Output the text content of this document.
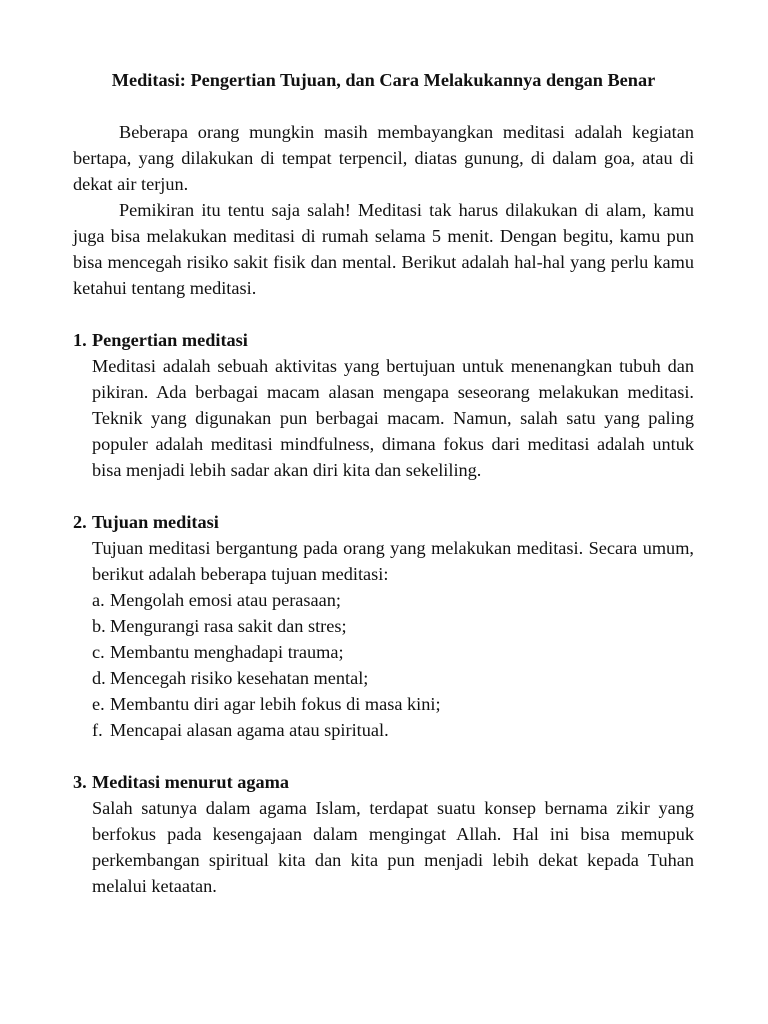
Meditasi: Pengertian Tujuan, dan Cara Melakukannya dengan Benar

Beberapa orang mungkin masih membayangkan meditasi adalah kegiatan bertapa, yang dilakukan di tempat terpencil, diatas gunung, di dalam goa, atau di dekat air terjun.

Pemikiran itu tentu saja salah! Meditasi tak harus dilakukan di alam, kamu juga bisa melakukan meditasi di rumah selama 5 menit. Dengan begitu, kamu pun bisa mencegah risiko sakit fisik dan mental. Berikut adalah hal-hal yang perlu kamu ketahui tentang meditasi.

1. Pengertian meditasi

Meditasi adalah sebuah aktivitas yang bertujuan untuk menenangkan tubuh dan pikiran. Ada berbagai macam alasan mengapa seseorang melakukan meditasi. Teknik yang digunakan pun berbagai macam. Namun, salah satu yang paling populer adalah meditasi mindfulness, dimana fokus dari meditasi adalah untuk bisa menjadi lebih sadar akan diri kita dan sekeliling.

2. Tujuan meditasi

Tujuan meditasi bergantung pada orang yang melakukan meditasi. Secara umum, berikut adalah beberapa tujuan meditasi:

a. Mengolah emosi atau perasaan;
b. Mengurangi rasa sakit dan stres;
c. Membantu menghadapi trauma;
d. Mencegah risiko kesehatan mental;
e. Membantu diri agar lebih fokus di masa kini;
f. Mencapai alasan agama atau spiritual.

3. Meditasi menurut agama

Salah satunya dalam agama Islam, terdapat suatu konsep bernama zikir yang berfokus pada kesengajaan dalam mengingat Allah. Hal ini bisa memupuk perkembangan spiritual kita dan kita pun menjadi lebih dekat kepada Tuhan melalui ketaatan.
